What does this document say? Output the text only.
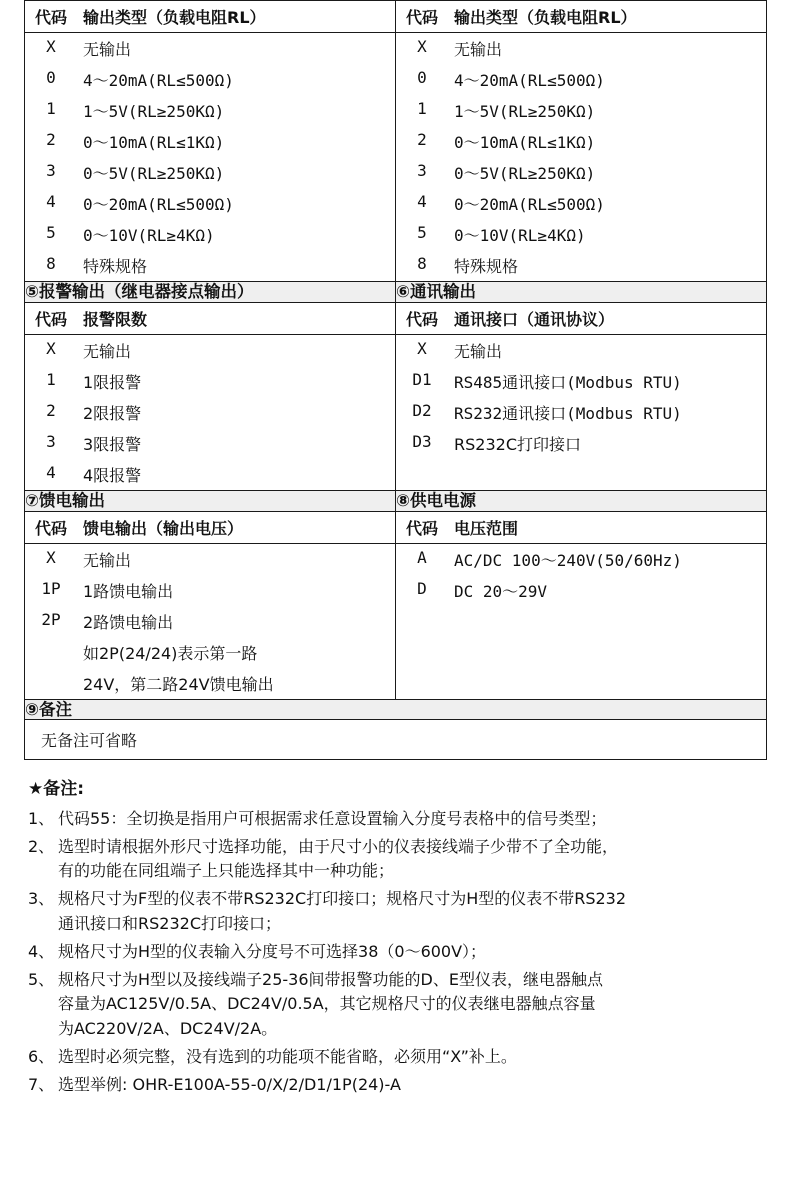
代码	输出类型（负载电阻RL）	代码	输出类型（负载电阻RL）

X	无输出
0	4～20mA(RL≤500Ω)
1	1～5V(RL≥250KΩ)
2	0～10mA(RL≤1KΩ)
3	0～5V(RL≥250KΩ)
4	0～20mA(RL≤500Ω)
5	0～10V(RL≥4KΩ)
8	特殊规格

X	无输出
0	4～20mA(RL≤500Ω)
1	1～5V(RL≥250KΩ)
2	0～10mA(RL≤1KΩ)
3	0～5V(RL≥250KΩ)
4	0～20mA(RL≤500Ω)
5	0～10V(RL≥4KΩ)
8	特殊规格

⑤报警输出（继电器接点输出）	⑥通讯输出

代码	报警限数	代码	通讯接口（通讯协议）

X	无输出
1	1限报警
2	2限报警
3	3限报警
4	4限报警

X	无输出
D1	RS485通讯接口(Modbus RTU)
D2	RS232通讯接口(Modbus RTU)
D3	RS232C打印接口

⑦馈电输出	⑧供电电源

代码	馈电输出（输出电压）	代码	电压范围

X	无输出
1P	1路馈电输出
2P	2路馈电输出
如2P(24/24)表示第一路
24V，第二路24V馈电输出

A	AC/DC 100～240V(50/60Hz)
D	DC 20～29V

⑨备注	
无备注可省略	
★备注:
1、 代码55：全切换是指用户可根据需求任意设置输入分度号表格中的信号类型；
2、 选型时请根据外形尺寸选择功能，由于尺寸小的仪表接线端子少带不了全功能，
有的功能在同组端子上只能选择其中一种功能；
3、 规格尺寸为F型的仪表不带RS232C打印接口；规格尺寸为H型的仪表不带RS232
通讯接口和RS232C打印接口；
4、 规格尺寸为H型的仪表输入分度号不可选择38（0～600V）；
5、 规格尺寸为H型以及接线端子25-36间带报警功能的D、E型仪表，继电器触点
容量为AC125V/0.5A、DC24V/0.5A，其它规格尺寸的仪表继电器触点容量
为AC220V/2A、DC24V/2A。
6、 选型时必须完整，没有选到的功能项不能省略，必须用“X”补上。
7、 选型举例: OHR-E100A-55-0/X/2/D1/1P(24)-A
